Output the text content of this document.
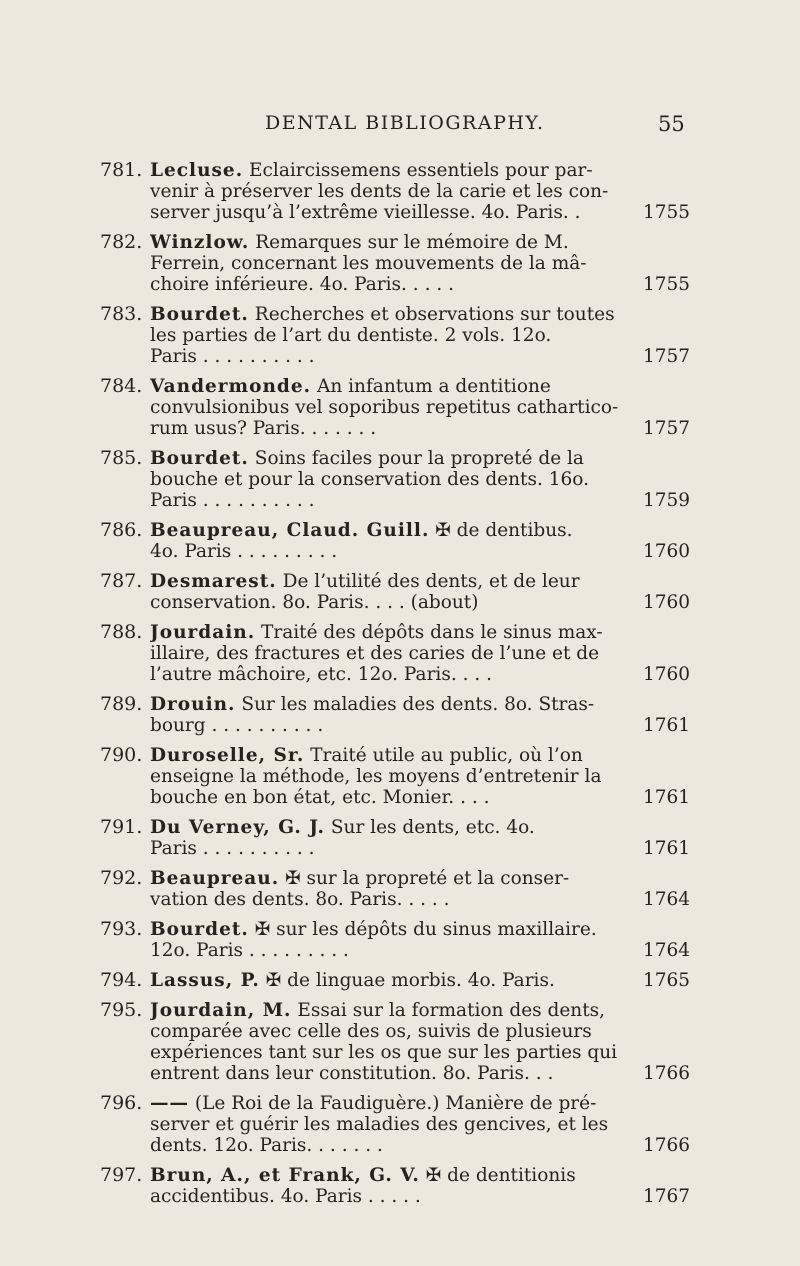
DENTAL BIBLIOGRAPHY.	55
781. Lecluse. Eclaircissemens essentiels pour par-
venir à préserver les dents de la carie et les con-
server jusqu’à l’extrême vieillesse. 4o. Paris. .	1755
782. Winzlow. Remarques sur le mémoire de M.
Ferrein, concernant les mouvements de la mâ-
choire inférieure. 4o. Paris. . . . .	1755
783. Bourdet. Recherches et observations sur toutes
les parties de l’art du dentiste. 2 vols. 12o.
Paris . . . . . . . . . .	1757
784. Vandermonde. An infantum a dentitione
convulsionibus vel soporibus repetitus cathartico-
rum usus? Paris. . . . . . .	1757
785. Bourdet. Soins faciles pour la propreté de la
bouche et pour la conservation des dents. 16o.
Paris . . . . . . . . . .	1759
786. Beaupreau, Claud. Guill. ✠ de dentibus.
4o. Paris . . . . . . . . .	1760
787. Desmarest. De l’utilité des dents, et de leur
conservation. 8o. Paris. . . . (about)	1760
788. Jourdain. Traité des dépôts dans le sinus max-
illaire, des fractures et des caries de l’une et de
l’autre mâchoire, etc. 12o. Paris. . . .	1760
789. Drouin. Sur les maladies des dents. 8o. Stras-
bourg . . . . . . . . . .	1761
790. Duroselle, Sr. Traité utile au public, où l’on
enseigne la méthode, les moyens d’entretenir la
bouche en bon état, etc. Monier. . . .	1761
791. Du Verney, G. J. Sur les dents, etc. 4o.
Paris . . . . . . . . . .	1761
792. Beaupreau. ✠ sur la propreté et la conser-
vation des dents. 8o. Paris. . . . .	1764
793. Bourdet. ✠ sur les dépôts du sinus maxillaire.
12o. Paris . . . . . . . . .	1764
794. Lassus, P. ✠ de linguae morbis. 4o. Paris.	1765
795. Jourdain, M. Essai sur la formation des dents,
comparée avec celle des os, suivis de plusieurs
expériences tant sur les os que sur les parties qui
entrent dans leur constitution. 8o. Paris. . .	1766
796. —— (Le Roi de la Faudiguère.) Manière de pré-
server et guérir les maladies des gencives, et les
dents. 12o. Paris. . . . . . .	1766
797. Brun, A., et Frank, G. V. ✠ de dentitionis
accidentibus. 4o. Paris . . . . .	1767
